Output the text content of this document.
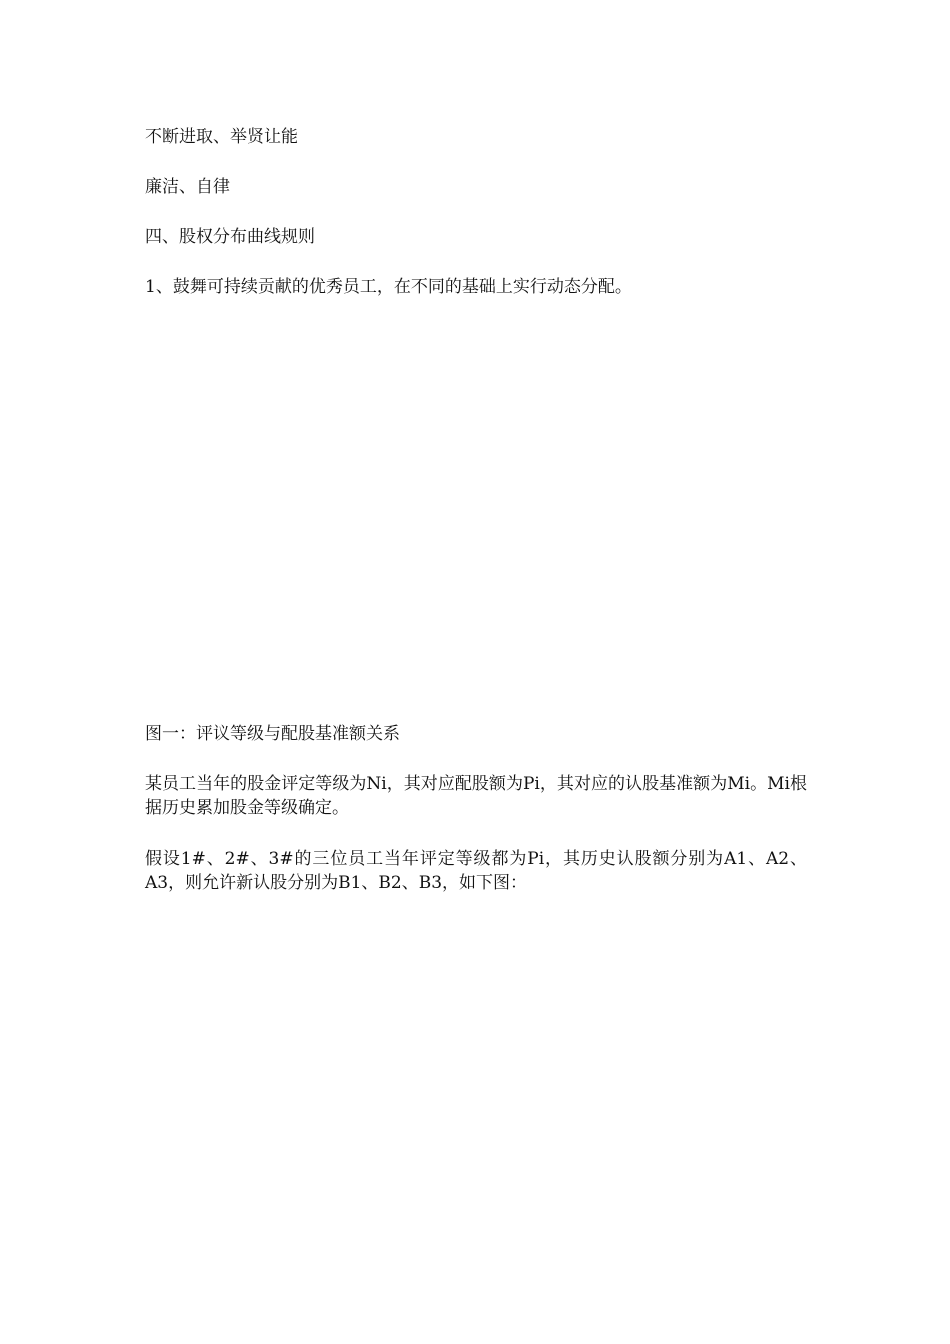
不断进取、举贤让能

廉洁、自律

四、股权分布曲线规则

1、鼓舞可持续贡献的优秀员工，在不同的基础上实行动态分配。

图一：评议等级与配股基准额关系

某员工当年的股金评定等级为Ni，其对应配股额为Pi，其对应的认股基准额为Mi。Mi根据历史累加股金等级确定。

假设1#、2#、3#的三位员工当年评定等级都为Pi，其历史认股额分别为A1、A2、A3，则允许新认股分别为B1、B2、B3，如下图：
